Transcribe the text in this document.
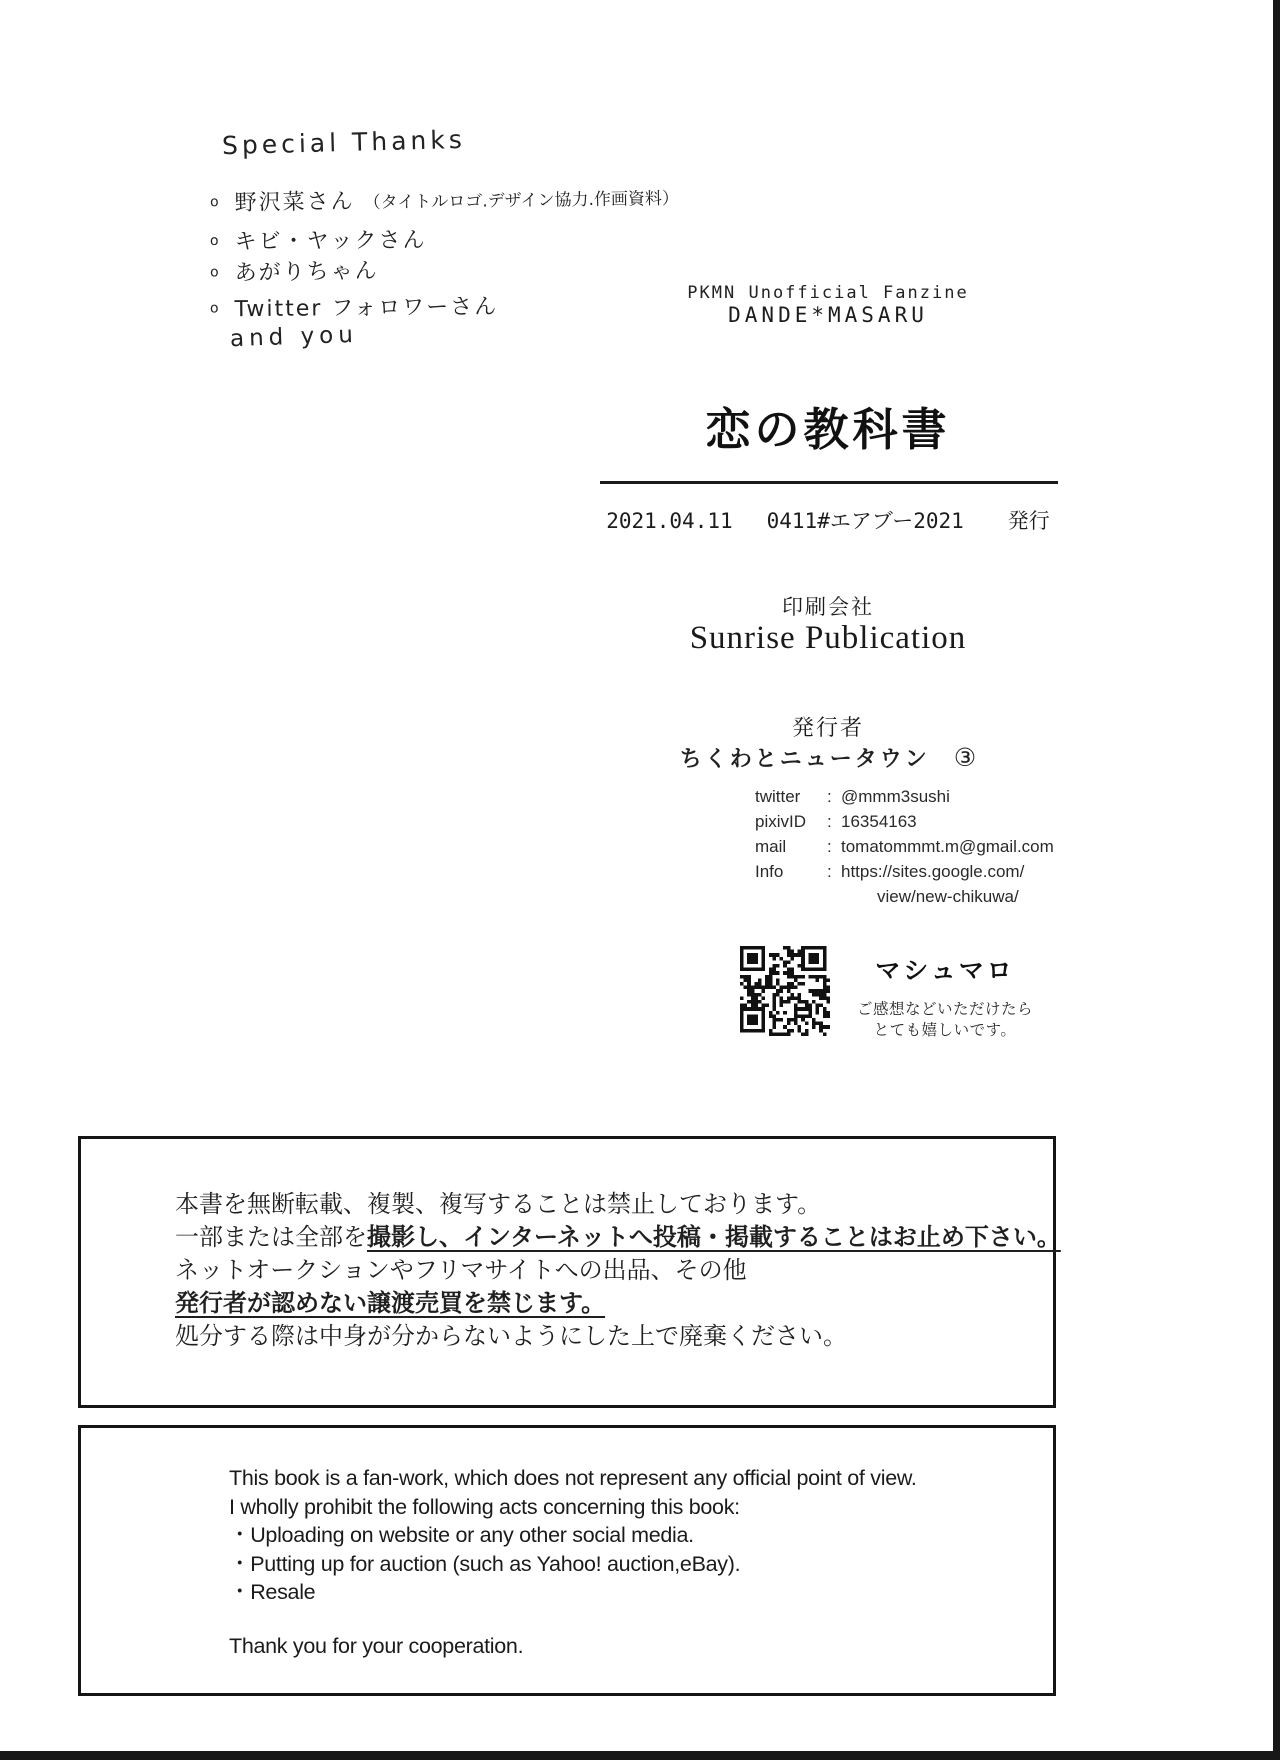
Special Thanks
o 野沢菜さん （タイトルロゴ.デザイン協力.作画資料）
o キビ・ヤックさん
o あがりちゃん
o Twitter フォロワーさん
and you
PKMN Unofficial Fanzine
DANDE*MASARU
恋の教科書
2021.04.11 0411#エアブー2021 発行
印刷会社
Sunrise Publication
発行者
ちくわとニュータウン ③
twitter : @mmm3sushi
pixivID : 16354163
mail : tomatommmt.m@gmail.com
Info	: https://sites.google.com/
view/new-chikuwa/
マシュマロ
ご感想などいただけたら
とても嬉しいです。

本書を無断転載、複製、複写することは禁止しております。

一部または全部を撮影し、インターネットへ投稿・掲載することはお止め下さい。

ネットオークションやフリマサイトへの出品、その他

発行者が認めない譲渡売買を禁じます。

処分する際は中身が分からないようにした上で廃棄ください。

This book is a fan-work, which does not represent any official point of view.

I wholly prohibit the following acts concerning this book:

・Uploading on website or any other social media.

・Putting up for auction (such as Yahoo! auction,eBay).

・Resale

Thank you for your cooperation.
